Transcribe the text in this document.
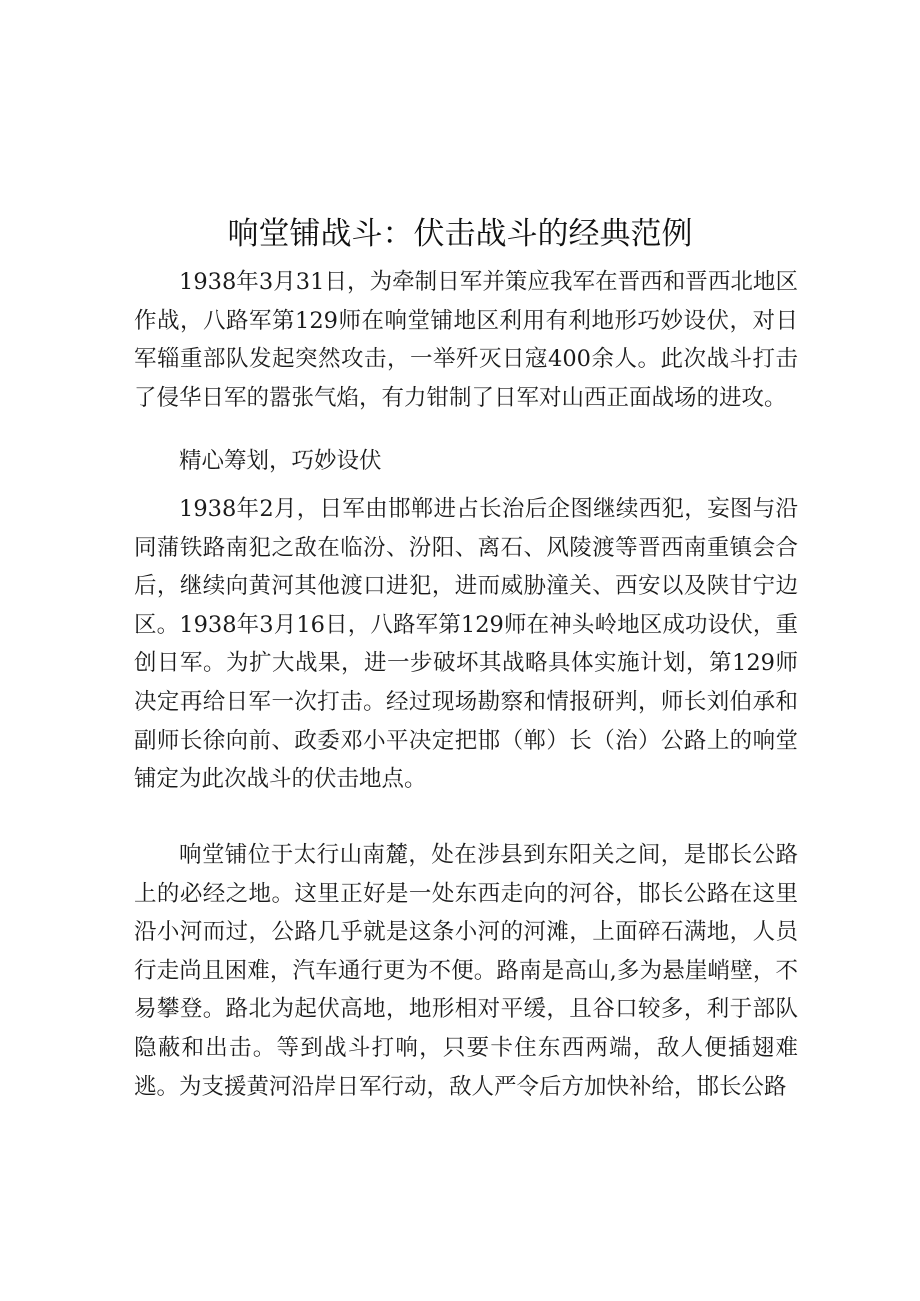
响堂铺战斗：伏击战斗的经典范例

1938年3月31日，为牵制日军并策应我军在晋西和晋西北地区作战，八路军第129师在响堂铺地区利用有利地形巧妙设伏，对日军辎重部队发起突然攻击，一举歼灭日寇400余人。此次战斗打击了侵华日军的嚣张气焰，有力钳制了日军对山西正面战场的进攻。

精心筹划，巧妙设伏

1938年2月，日军由邯郸进占长治后企图继续西犯，妄图与沿同蒲铁路南犯之敌在临汾、汾阳、离石、风陵渡等晋西南重镇会合后，继续向黄河其他渡口进犯，进而威胁潼关、西安以及陕甘宁边区。1938年3月16日，八路军第129师在神头岭地区成功设伏，重创日军。为扩大战果，进一步破坏其战略具体实施计划，第129师决定再给日军一次打击。经过现场勘察和情报研判，师长刘伯承和副师长徐向前、政委邓小平决定把邯（郸）长（治）公路上的响堂铺定为此次战斗的伏击地点。

响堂铺位于太行山南麓，处在涉县到东阳关之间，是邯长公路上的必经之地。这里正好是一处东西走向的河谷，邯长公路在这里沿小河而过，公路几乎就是这条小河的河滩，上面碎石满地，人员行走尚且困难，汽车通行更为不便。路南是高山,多为悬崖峭壁，不易攀登。路北为起伏高地，地形相对平缓，且谷口较多，利于部队隐蔽和出击。等到战斗打响，只要卡住东西两端，敌人便插翅难逃。为支援黄河沿岸日军行动，敌人严令后方加快补给，邯长公路
